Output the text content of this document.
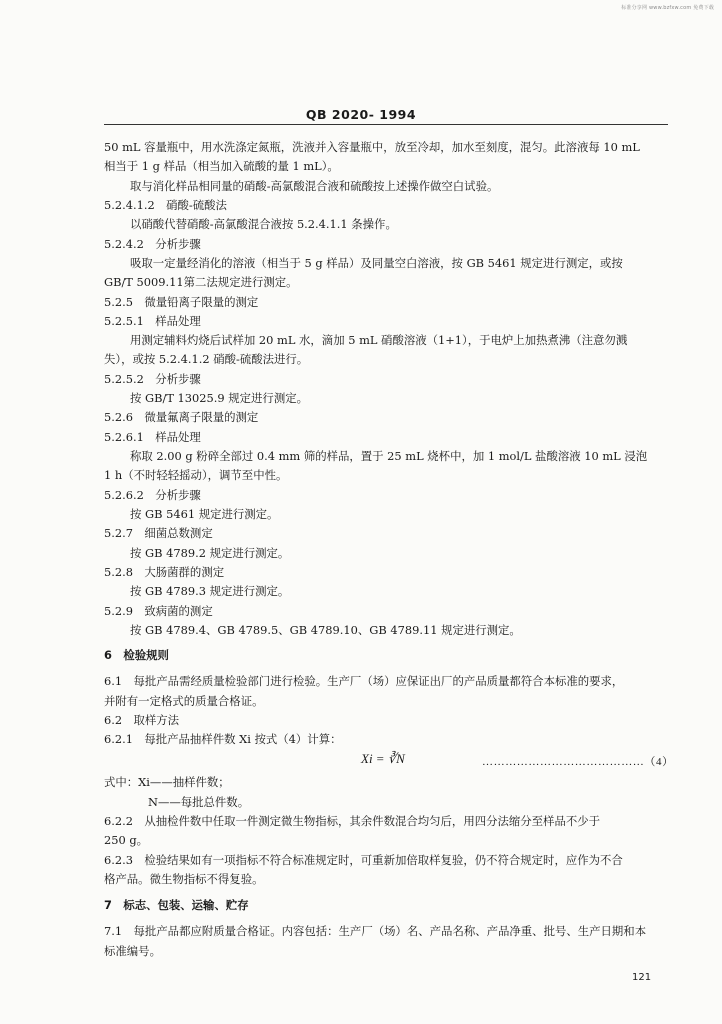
标准分享网 www.bzfxw.com 免费下载
QB 2020- 1994
50 mL 容量瓶中，用水洗涤定氮瓶，洗液并入容量瓶中，放至冷却，加水至刻度，混匀。此溶液每 10 mL
相当于 1 g 样品（相当加入硫酸的量 1 mL）。
取与消化样品相同量的硝酸-高氯酸混合液和硫酸按上述操作做空白试验。
5.2.4.1.2　硝酸-硫酸法
以硝酸代替硝酸-高氯酸混合液按 5.2.4.1.1 条操作。
5.2.4.2　分析步骤
吸取一定量经消化的溶液（相当于 5 g 样品）及同量空白溶液，按 GB 5461 规定进行测定，或按
GB/T 5009.11第二法规定进行测定。
5.2.5　微量铅离子限量的测定
5.2.5.1　样品处理
用测定辅料灼烧后试样加 20 mL 水，滴加 5 mL 硝酸溶液（1+1），于电炉上加热煮沸（注意勿溅
失），或按 5.2.4.1.2 硝酸-硫酸法进行。
5.2.5.2　分析步骤
按 GB/T 13025.9 规定进行测定。
5.2.6　微量氟离子限量的测定
5.2.6.1　样品处理
称取 2.00 g 粉碎全部过 0.4 mm 筛的样品，置于 25 mL 烧杯中，加 1 mol/L 盐酸溶液 10 mL 浸泡
1 h（不时轻轻摇动），调节至中性。
5.2.6.2　分析步骤
按 GB 5461 规定进行测定。
5.2.7　细菌总数测定
按 GB 4789.2 规定进行测定。
5.2.8　大肠菌群的测定
按 GB 4789.3 规定进行测定。
5.2.9　致病菌的测定
按 GB 4789.4、GB 4789.5、GB 4789.10、GB 4789.11 规定进行测定。
6　检验规则
6.1　每批产品需经质量检验部门进行检验。生产厂（场）应保证出厂的产品质量都符合本标准的要求，
并附有一定格式的质量合格证。
6.2　取样方法
6.2.1　每批产品抽样件数 Xi 按式（4）计算：
Xi = ∛N	……………………………………（4）
式中：Xi——抽样件数；
N——每批总件数。
6.2.2　从抽检件数中任取一件测定微生物指标，其余件数混合均匀后，用四分法缩分至样品不少于
250 g。
6.2.3　检验结果如有一项指标不符合标准规定时，可重新加倍取样复验，仍不符合规定时，应作为不合
格产品。微生物指标不得复验。
7　标志、包装、运输、贮存
7.1　每批产品都应附质量合格证。内容包括：生产厂（场）名、产品名称、产品净重、批号、生产日期和本
标准编号。
121
